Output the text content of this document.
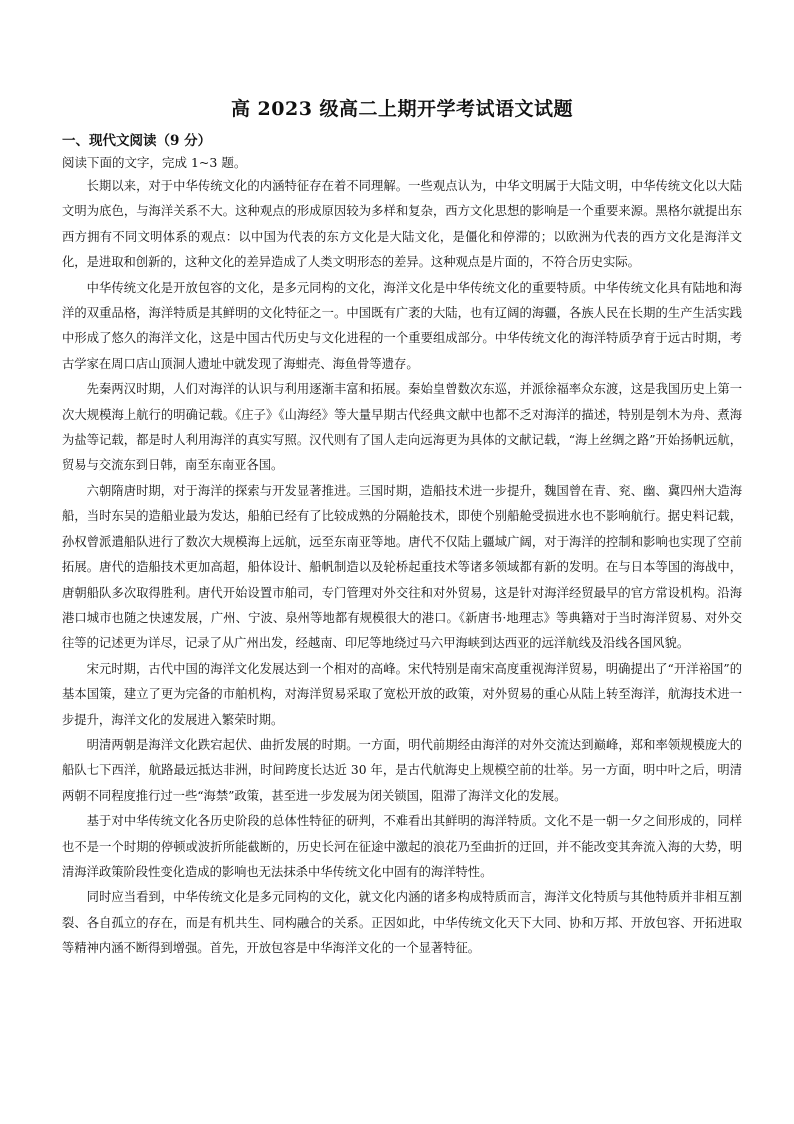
高 2023 级高二上期开学考试语文试题

一、现代文阅读（9 分）

阅读下面的文字，完成 1~3 题。

长期以来，对于中华传统文化的内涵特征存在着不同理解。一些观点认为，中华文明属于大陆文明，中华传统文化以大陆文明为底色，与海洋关系不大。这种观点的形成原因较为多样和复杂，西方文化思想的影响是一个重要来源。黑格尔就提出东西方拥有不同文明体系的观点：以中国为代表的东方文化是大陆文化，是僵化和停滞的；以欧洲为代表的西方文化是海洋文化，是进取和创新的，这种文化的差异造成了人类文明形态的差异。这种观点是片面的，不符合历史实际。

中华传统文化是开放包容的文化，是多元同构的文化，海洋文化是中华传统文化的重要特质。中华传统文化具有陆地和海洋的双重品格，海洋特质是其鲜明的文化特征之一。中国既有广袤的大陆，也有辽阔的海疆，各族人民在长期的生产生活实践中形成了悠久的海洋文化，这是中国古代历史与文化进程的一个重要组成部分。中华传统文化的海洋特质孕育于远古时期，考古学家在周口店山顶洞人遗址中就发现了海蚶壳、海鱼骨等遗存。

先秦两汉时期，人们对海洋的认识与利用逐渐丰富和拓展。秦始皇曾数次东巡，并派徐福率众东渡，这是我国历史上第一次大规模海上航行的明确记载。《庄子》《山海经》等大量早期古代经典文献中也都不乏对海洋的描述，特别是刳木为舟、煮海为盐等记载，都是时人利用海洋的真实写照。汉代则有了国人走向远海更为具体的文献记载，“海上丝绸之路”开始扬帆远航，贸易与交流东到日韩，南至东南亚各国。

六朝隋唐时期，对于海洋的探索与开发显著推进。三国时期，造船技术进一步提升，魏国曾在青、兖、幽、冀四州大造海船，当时东吴的造船业最为发达，船舶已经有了比较成熟的分隔舱技术，即使个别船舱受损进水也不影响航行。据史料记载，孙权曾派遣船队进行了数次大规模海上远航，远至东南亚等地。唐代不仅陆上疆域广阔，对于海洋的控制和影响也实现了空前拓展。唐代的造船技术更加高超，船体设计、船帆制造以及轮桥起重技术等诸多领域都有新的发明。在与日本等国的海战中，唐朝船队多次取得胜利。唐代开始设置市舶司，专门管理对外交往和对外贸易，这是针对海洋经贸最早的官方常设机构。沿海港口城市也随之快速发展，广州、宁波、泉州等地都有规模很大的港口。《新唐书·地理志》等典籍对于当时海洋贸易、对外交往等的记述更为详尽，记录了从广州出发，经越南、印尼等地绕过马六甲海峡到达西亚的远洋航线及沿线各国风貌。

宋元时期，古代中国的海洋文化发展达到一个相对的高峰。宋代特别是南宋高度重视海洋贸易，明确提出了“开洋裕国”的基本国策，建立了更为完备的市舶机构，对海洋贸易采取了宽松开放的政策，对外贸易的重心从陆上转至海洋，航海技术进一步提升，海洋文化的发展进入繁荣时期。

明清两朝是海洋文化跌宕起伏、曲折发展的时期。一方面，明代前期经由海洋的对外交流达到巅峰，郑和率领规模庞大的船队七下西洋，航路最远抵达非洲，时间跨度长达近 30 年，是古代航海史上规模空前的壮举。另一方面，明中叶之后，明清两朝不同程度推行过一些“海禁”政策，甚至进一步发展为闭关锁国，阻滞了海洋文化的发展。

基于对中华传统文化各历史阶段的总体性特征的研判，不难看出其鲜明的海洋特质。文化不是一朝一夕之间形成的，同样也不是一个时期的停顿或波折所能截断的，历史长河在征途中激起的浪花乃至曲折的迂回，并不能改变其奔流入海的大势，明清海洋政策阶段性变化造成的影响也无法抹杀中华传统文化中固有的海洋特性。

同时应当看到，中华传统文化是多元同构的文化，就文化内涵的诸多构成特质而言，海洋文化特质与其他特质并非相互割裂、各自孤立的存在，而是有机共生、同构融合的关系。正因如此，中华传统文化天下大同、协和万邦、开放包容、开拓进取等精神内涵不断得到增强。首先，开放包容是中华海洋文化的一个显著特征。
